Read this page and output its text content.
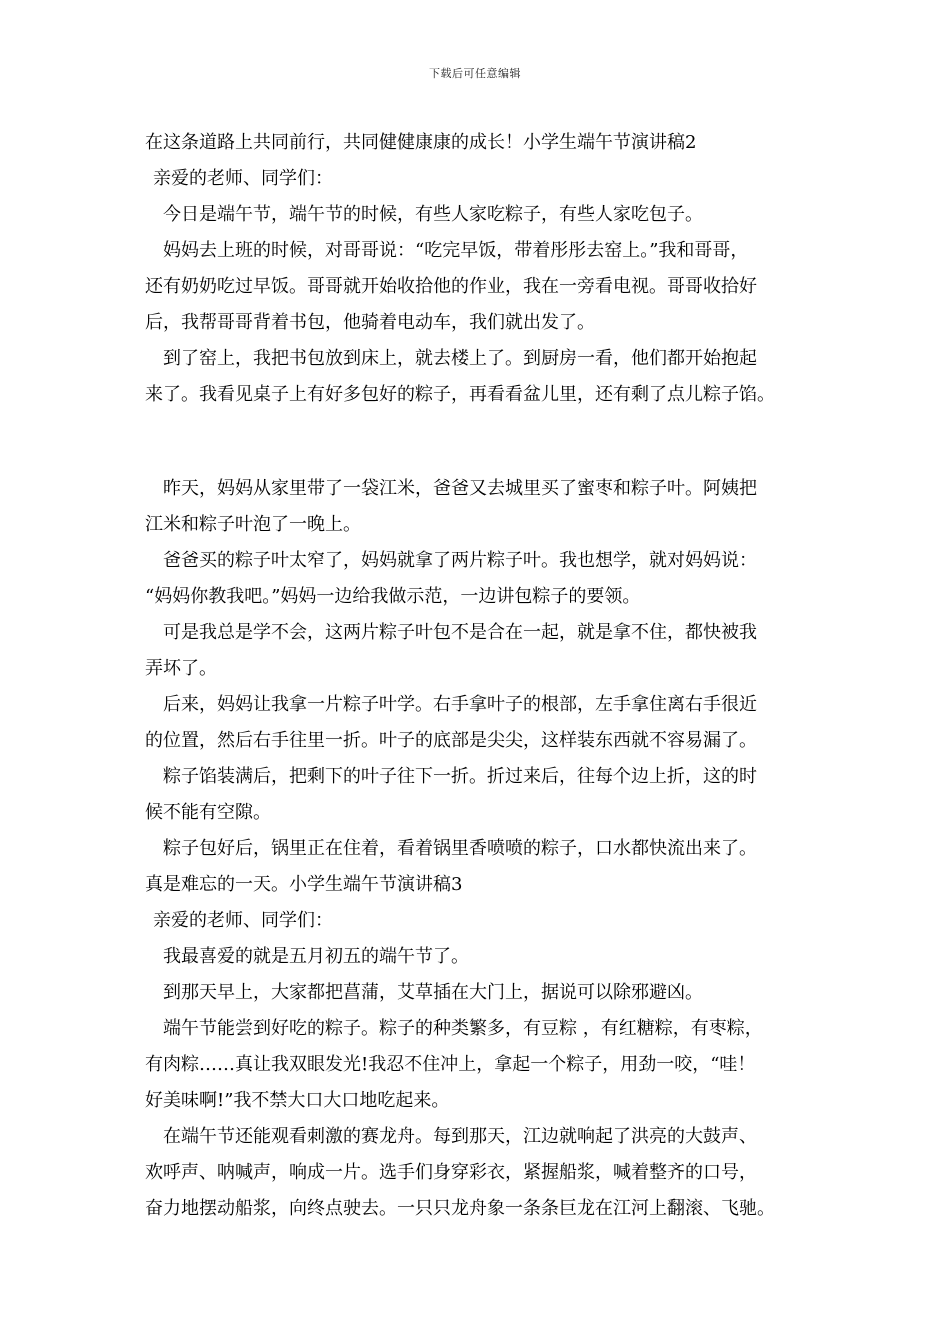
下载后可任意编辑
在这条道路上共同前行，共同健健康康的成长！小学生端午节演讲稿2
亲爱的老师、同学们：
今日是端午节，端午节的时候，有些人家吃粽子，有些人家吃包子。
妈妈去上班的时候，对哥哥说：“吃完早饭，带着彤彤去窑上。”我和哥哥，
还有奶奶吃过早饭。哥哥就开始收拾他的作业，我在一旁看电视。哥哥收拾好
后，我帮哥哥背着书包，他骑着电动车，我们就出发了。
到了窑上，我把书包放到床上，就去楼上了。到厨房一看，他们都开始抱起
来了。我看见桌子上有好多包好的粽子，再看看盆儿里，还有剩了点儿粽子馅。
昨天，妈妈从家里带了一袋江米，爸爸又去城里买了蜜枣和粽子叶。阿姨把
江米和粽子叶泡了一晚上。
爸爸买的粽子叶太窄了，妈妈就拿了两片粽子叶。我也想学，就对妈妈说：
“妈妈你教我吧。”妈妈一边给我做示范，一边讲包粽子的要领。
可是我总是学不会，这两片粽子叶包不是合在一起，就是拿不住，都快被我
弄坏了。
后来，妈妈让我拿一片粽子叶学。右手拿叶子的根部，左手拿住离右手很近
的位置，然后右手往里一折。叶子的底部是尖尖，这样装东西就不容易漏了。
粽子馅装满后，把剩下的叶子往下一折。折过来后，往每个边上折，这的时
候不能有空隙。
粽子包好后，锅里正在住着，看着锅里香喷喷的粽子，口水都快流出来了。
真是难忘的一天。小学生端午节演讲稿3
亲爱的老师、同学们：
我最喜爱的就是五月初五的端午节了。
到那天早上，大家都把菖蒲，艾草插在大门上，据说可以除邪避凶。
端午节能尝到好吃的粽子。粽子的种类繁多，有豆粽 ，有红糖粽，有枣粽，
有肉粽……真让我双眼发光!我忍不住冲上，拿起一个粽子，用劲一咬，“哇！
好美味啊!”我不禁大口大口地吃起来。
在端午节还能观看刺激的赛龙舟。每到那天，江边就响起了洪亮的大鼓声、
欢呼声、呐喊声，响成一片。选手们身穿彩衣，紧握船浆，喊着整齐的口号，
奋力地摆动船浆，向终点驶去。一只只龙舟象一条条巨龙在江河上翻滚、飞驰。
